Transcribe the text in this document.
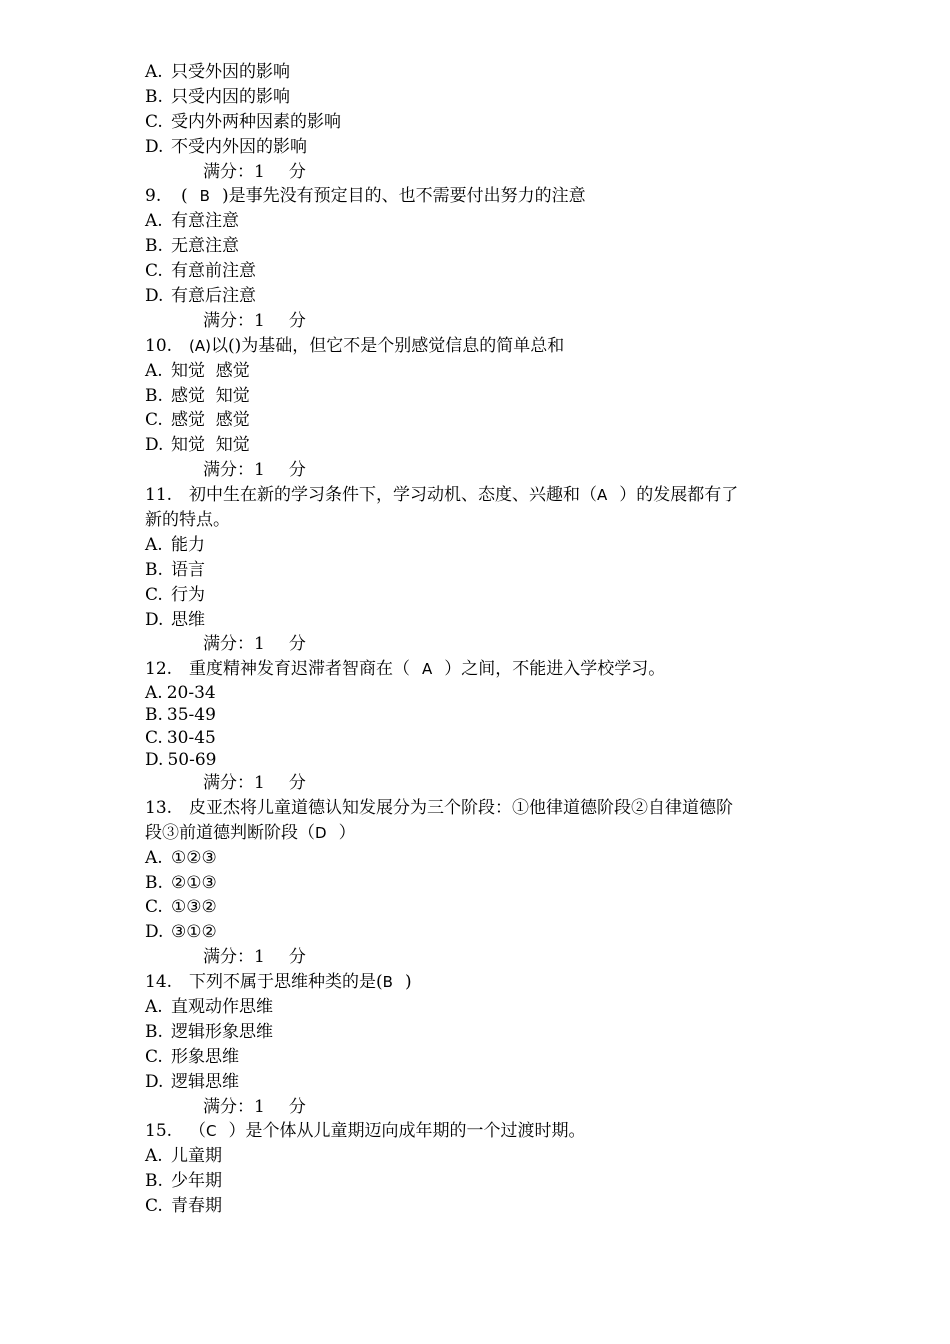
A. 只受外因的影响
B. 只受内因的影响
C. 受内外两种因素的影响
D. 不受内外因的影响
满分：1 分
9. ( B )是事先没有预定目的、也不需要付出努力的注意
A. 有意注意
B. 无意注意
C. 有意前注意
D. 有意后注意
满分：1 分
10. (A)以()为基础，但它不是个别感觉信息的简单总和
A. 知觉  感觉
B. 感觉  知觉
C. 感觉  感觉
D. 知觉  知觉
满分：1 分
11. 初中生在新的学习条件下，学习动机、态度、兴趣和（A ）的发展都有了
新的特点。
A. 能力
B. 语言
C. 行为
D. 思维
满分：1 分
12. 重度精神发育迟滞者智商在（ A ）之间，不能进入学校学习。
A. 20-34
B. 35-49
C. 30-45
D. 50-69
满分：1 分
13. 皮亚杰将儿童道德认知发展分为三个阶段：①他律道德阶段②自律道德阶
段③前道德判断阶段（D ）
A. ①②③
B. ②①③
C. ①③②
D. ③①②
满分：1 分
14. 下列不属于思维种类的是(B )
A. 直观动作思维
B. 逻辑形象思维
C. 形象思维
D. 逻辑思维
满分：1 分
15. （C ）是个体从儿童期迈向成年期的一个过渡时期。
A. 儿童期
B. 少年期
C. 青春期
